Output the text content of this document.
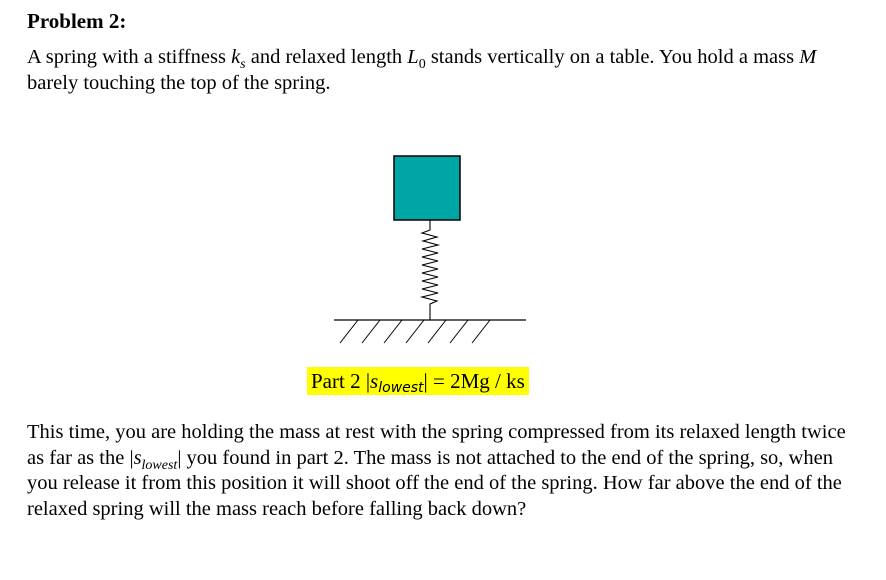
Problem 2:

A spring with a stiffness $k_s$ and relaxed length $L_0$ stands vertically on a table. You hold a mass M barely touching the top of the spring.

Part 2 |slowest| = 2Mg / ks

This time, you are holding the mass at rest with the spring compressed from its relaxed length twice as far as the $|s_{lowest}|$ you found in part 2. The mass is not attached to the end of the spring, so, when you release it from this position it will shoot off the end of the spring. How far above the end of the relaxed spring will the mass reach before falling back down?
